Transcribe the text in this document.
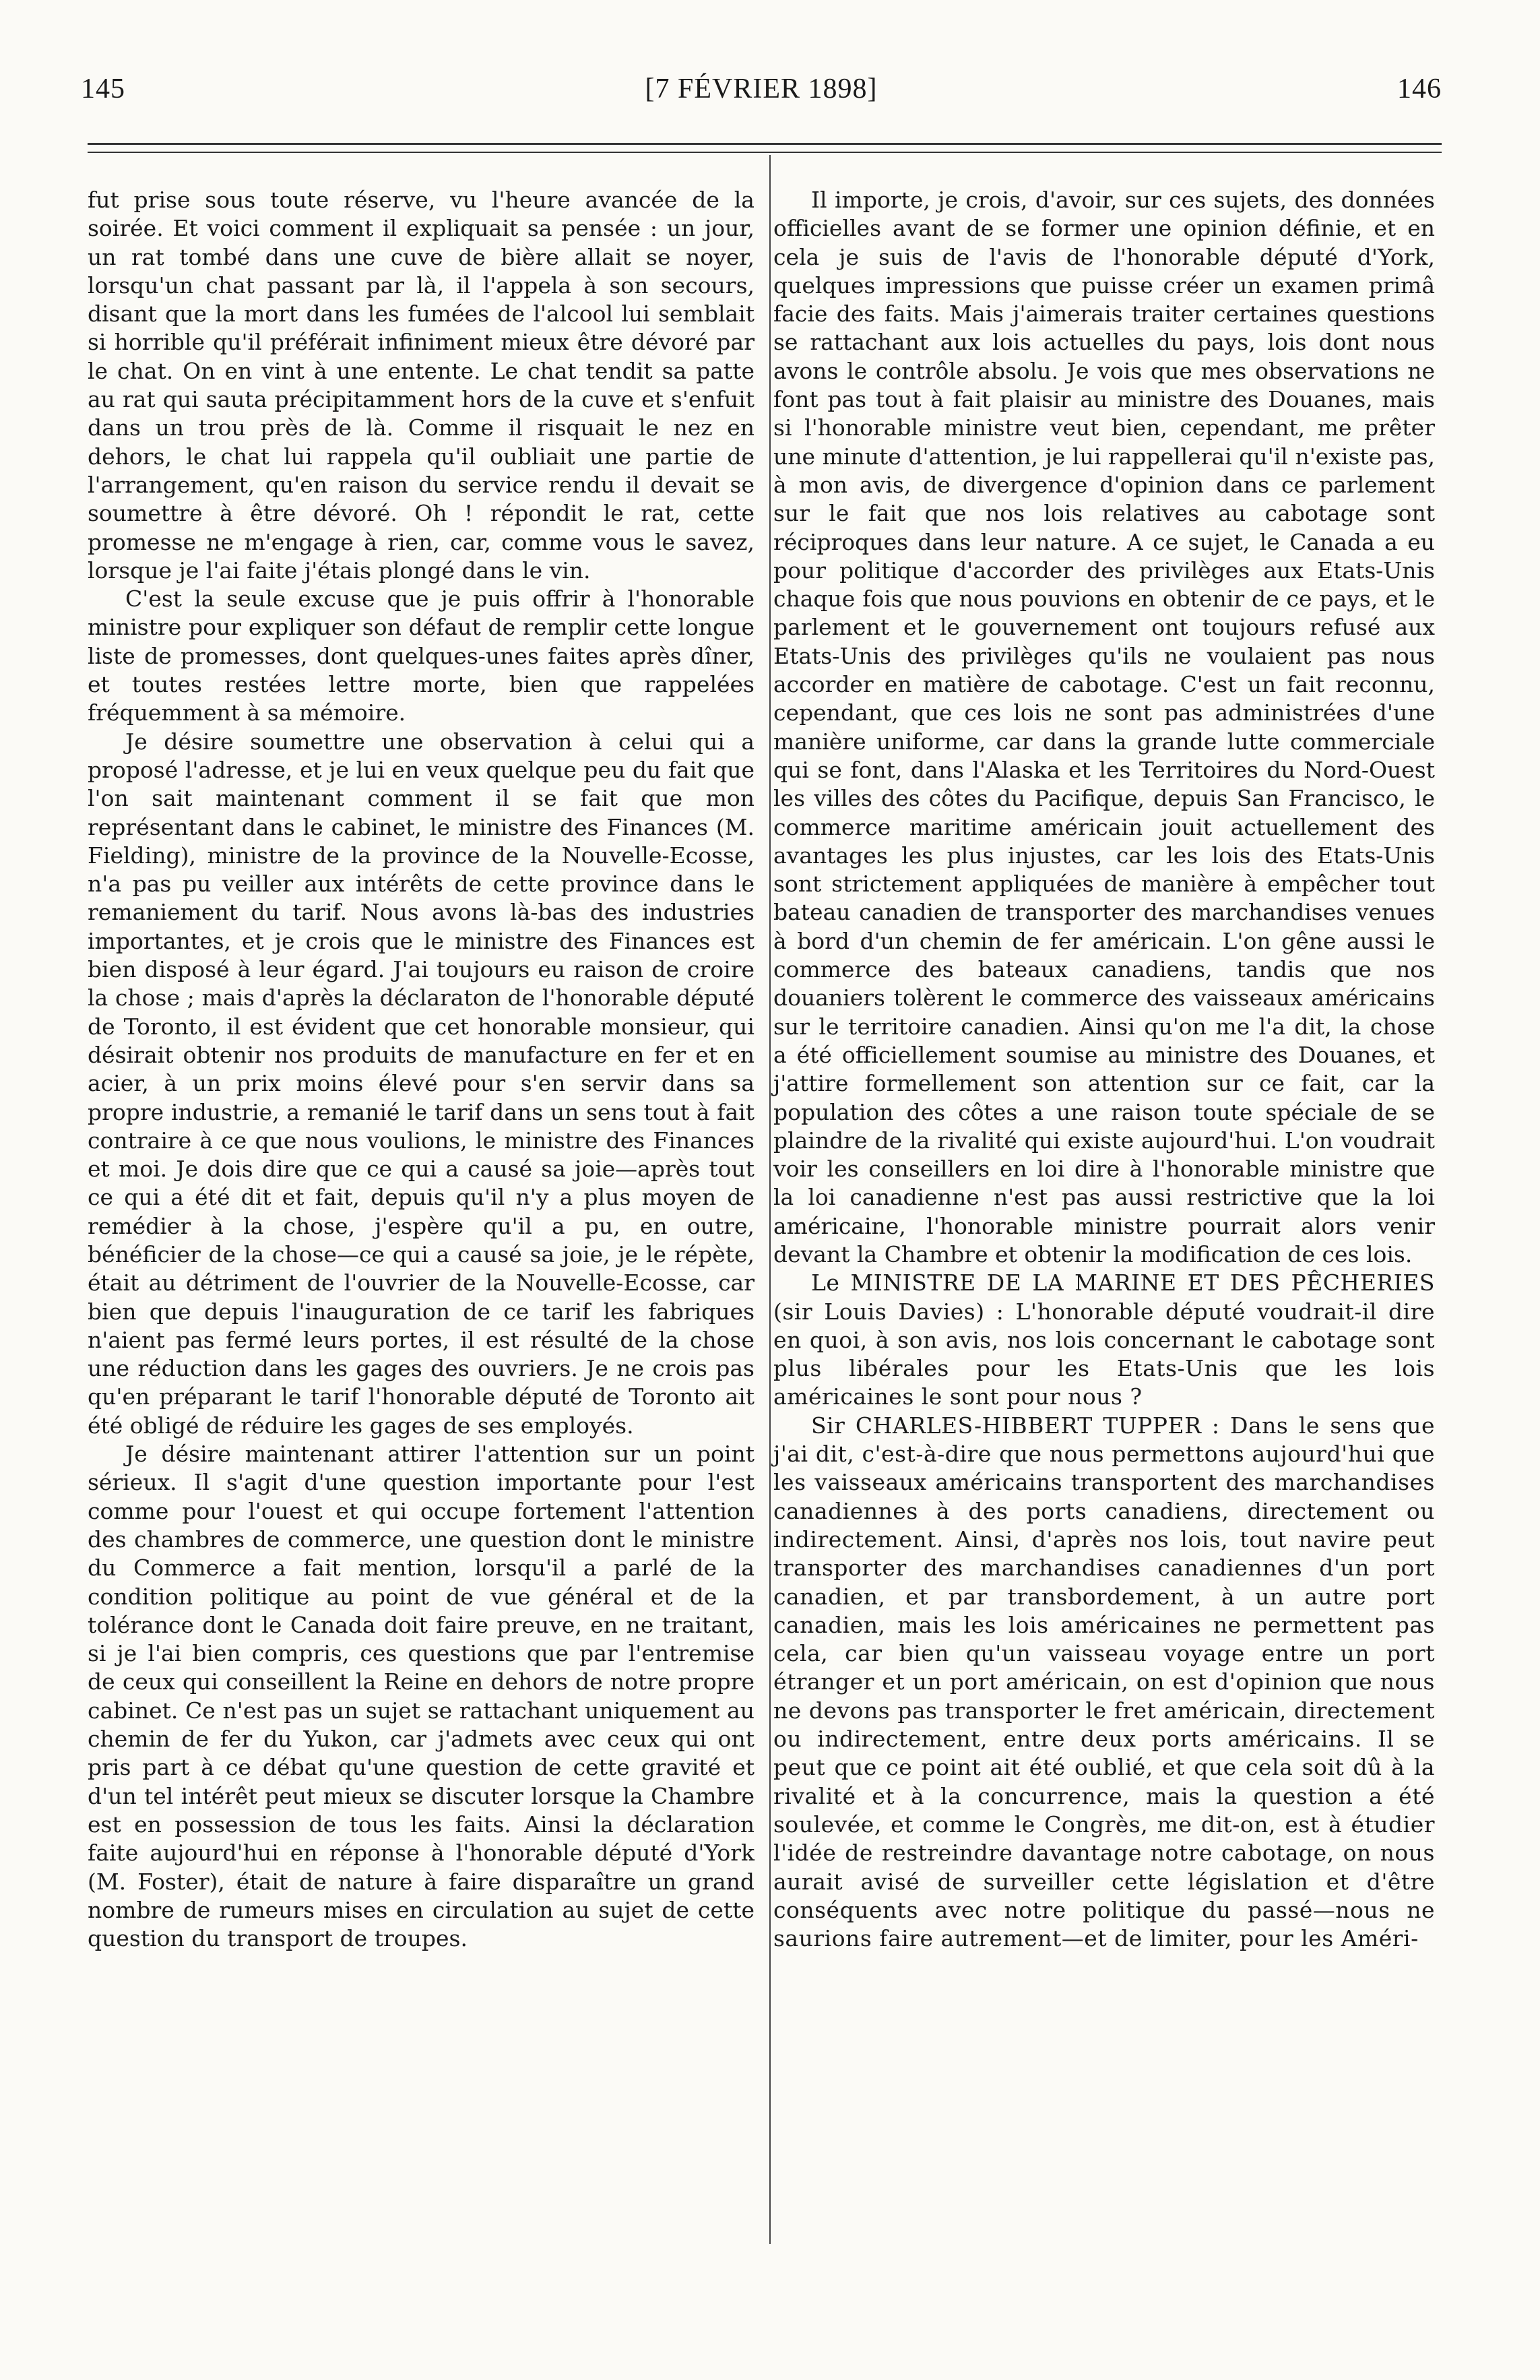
145	[7 FÉVRIER 1898]	146

fut prise sous toute réserve, vu l'heure avancée de la soirée. Et voici comment il expliquait sa pensée : un jour, un rat tombé dans une cuve de bière allait se noyer, lorsqu'un chat passant par là, il l'appela à son secours, disant que la mort dans les fumées de l'alcool lui semblait si horrible qu'il préférait infiniment mieux être dévoré par le chat. On en vint à une entente. Le chat tendit sa patte au rat qui sauta précipitamment hors de la cuve et s'enfuit dans un trou près de là. Comme il risquait le nez en dehors, le chat lui rappela qu'il oubliait une partie de l'arrangement, qu'en raison du service rendu il devait se soumettre à être dévoré. Oh ! répondit le rat, cette promesse ne m'engage à rien, car, comme vous le savez, lorsque je l'ai faite j'étais plongé dans le vin.

C'est la seule excuse que je puis offrir à l'honorable ministre pour expliquer son défaut de remplir cette longue liste de promesses, dont quelques-unes faites après dîner, et toutes restées lettre morte, bien que rappelées fréquemment à sa mémoire.

Je désire soumettre une observation à celui qui a proposé l'adresse, et je lui en veux quelque peu du fait que l'on sait maintenant comment il se fait que mon représentant dans le cabinet, le ministre des Finances (M. Fielding), ministre de la province de la Nouvelle-Ecosse, n'a pas pu veiller aux intérêts de cette province dans le remaniement du tarif. Nous avons là-bas des industries importantes, et je crois que le ministre des Finances est bien disposé à leur égard. J'ai toujours eu raison de croire la chose ; mais d'après la déclaraton de l'honorable député de Toronto, il est évident que cet honorable monsieur, qui désirait obtenir nos produits de manufacture en fer et en acier, à un prix moins élevé pour s'en servir dans sa propre industrie, a remanié le tarif dans un sens tout à fait contraire à ce que nous voulions, le ministre des Finances et moi. Je dois dire que ce qui a causé sa joie—après tout ce qui a été dit et fait, depuis qu'il n'y a plus moyen de remédier à la chose, j'espère qu'il a pu, en outre, bénéficier de la chose—ce qui a causé sa joie, je le répète, était au détriment de l'ouvrier de la Nouvelle-Ecosse, car bien que depuis l'inauguration de ce tarif les fabriques n'aient pas fermé leurs portes, il est résulté de la chose une réduction dans les gages des ouvriers. Je ne crois pas qu'en préparant le tarif l'honorable député de Toronto ait été obligé de réduire les gages de ses employés.

Je désire maintenant attirer l'attention sur un point sérieux. Il s'agit d'une question importante pour l'est comme pour l'ouest et qui occupe fortement l'attention des chambres de commerce, une question dont le ministre du Commerce a fait mention, lorsqu'il a parlé de la condition politique au point de vue général et de la tolérance dont le Canada doit faire preuve, en ne traitant, si je l'ai bien compris, ces questions que par l'entremise de ceux qui conseillent la Reine en dehors de notre propre cabinet. Ce n'est pas un sujet se rattachant uniquement au chemin de fer du Yukon, car j'admets avec ceux qui ont pris part à ce débat qu'une question de cette gravité et d'un tel intérêt peut mieux se discuter lorsque la Chambre est en possession de tous les faits. Ainsi la déclaration faite aujourd'hui en réponse à l'honorable député d'York (M. Foster), était de nature à faire disparaître un grand nombre de rumeurs mises en circulation au sujet de cette question du transport de troupes.

Il importe, je crois, d'avoir, sur ces sujets, des données officielles avant de se former une opinion définie, et en cela je suis de l'avis de l'honorable député d'York, quelques impressions que puisse créer un examen primâ facie des faits. Mais j'aimerais traiter certaines questions se rattachant aux lois actuelles du pays, lois dont nous avons le contrôle absolu. Je vois que mes observations ne font pas tout à fait plaisir au ministre des Douanes, mais si l'honorable ministre veut bien, cependant, me prêter une minute d'attention, je lui rappellerai qu'il n'existe pas, à mon avis, de divergence d'opinion dans ce parlement sur le fait que nos lois relatives au cabotage sont réciproques dans leur nature. A ce sujet, le Canada a eu pour politique d'accorder des privilèges aux Etats-Unis chaque fois que nous pouvions en obtenir de ce pays, et le parlement et le gouvernement ont toujours refusé aux Etats-Unis des privilèges qu'ils ne voulaient pas nous accorder en matière de cabotage. C'est un fait reconnu, cependant, que ces lois ne sont pas administrées d'une manière uniforme, car dans la grande lutte commerciale qui se font, dans l'Alaska et les Territoires du Nord-Ouest les villes des côtes du Pacifique, depuis San Francisco, le commerce maritime américain jouit actuellement des avantages les plus injustes, car les lois des Etats-Unis sont strictement appliquées de manière à empêcher tout bateau canadien de transporter des marchandises venues à bord d'un chemin de fer américain. L'on gêne aussi le commerce des bateaux canadiens, tandis que nos douaniers tolèrent le commerce des vaisseaux américains sur le territoire canadien. Ainsi qu'on me l'a dit, la chose a été officiellement soumise au ministre des Douanes, et j'attire formellement son attention sur ce fait, car la population des côtes a une raison toute spéciale de se plaindre de la rivalité qui existe aujourd'hui. L'on voudrait voir les conseillers en loi dire à l'honorable ministre que la loi canadienne n'est pas aussi restrictive que la loi américaine, l'honorable ministre pourrait alors venir devant la Chambre et obtenir la modification de ces lois.

Le MINISTRE DE LA MARINE ET DES PÊCHERIES (sir Louis Davies) : L'honorable député voudrait-il dire en quoi, à son avis, nos lois concernant le cabotage sont plus libérales pour les Etats-Unis que les lois américaines le sont pour nous ?

Sir CHARLES-HIBBERT TUPPER : Dans le sens que j'ai dit, c'est-à-dire que nous permettons aujourd'hui que les vaisseaux américains transportent des marchandises canadiennes à des ports canadiens, directement ou indirectement. Ainsi, d'après nos lois, tout navire peut transporter des marchandises canadiennes d'un port canadien, et par transbordement, à un autre port canadien, mais les lois américaines ne permettent pas cela, car bien qu'un vaisseau voyage entre un port étranger et un port américain, on est d'opinion que nous ne devons pas transporter le fret américain, directement ou indirectement, entre deux ports américains. Il se peut que ce point ait été oublié, et que cela soit dû à la rivalité et à la concurrence, mais la question a été soulevée, et comme le Congrès, me dit-on, est à étudier l'idée de restreindre davantage notre cabotage, on nous aurait avisé de surveiller cette législation et d'être conséquents avec notre politique du passé—nous ne saurions faire autrement—et de limiter, pour les Améri-
